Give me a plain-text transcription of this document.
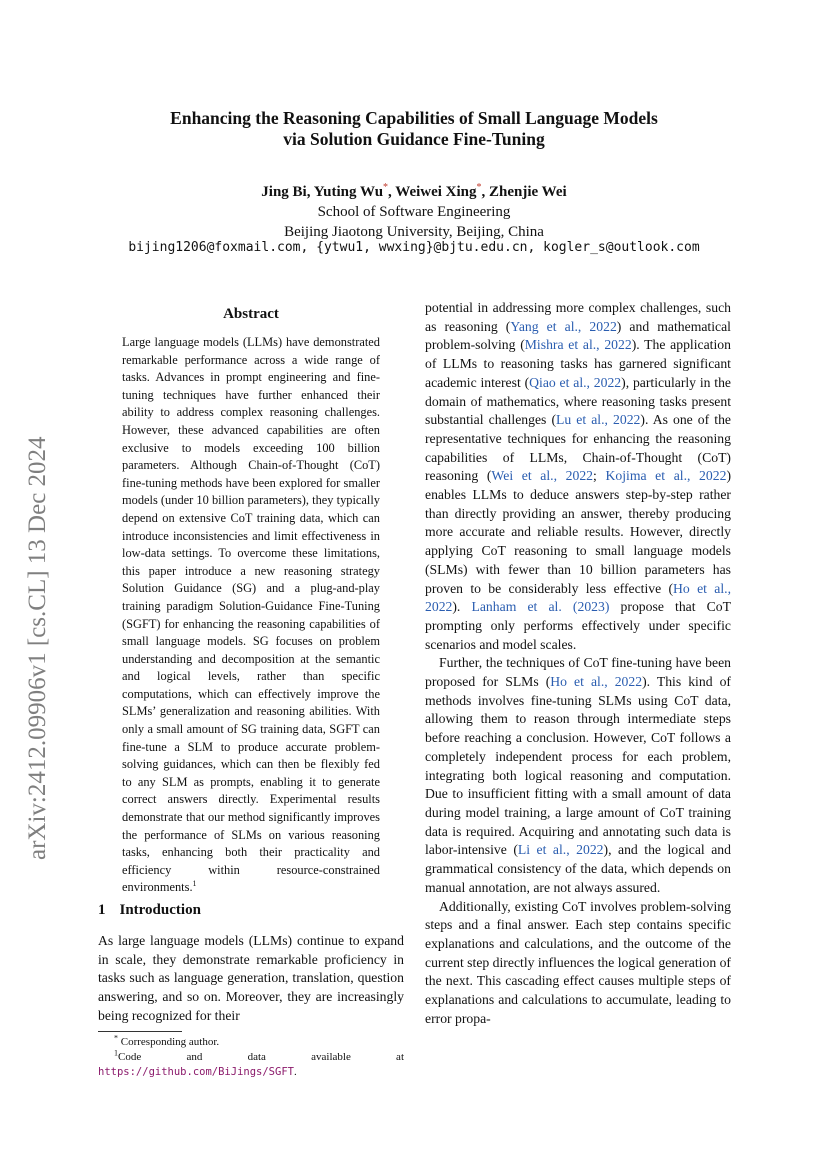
Enhancing the Reasoning Capabilities of Small Language Models
via Solution Guidance Fine-Tuning
Jing Bi, Yuting Wu*, Weiwei Xing*, Zhenjie Wei
School of Software Engineering
Beijing Jiaotong University, Beijing, China
bijing1206@foxmail.com, {ytwu1, wwxing}@bjtu.edu.cn, kogler_s@outlook.com
arXiv:2412.09906v1 [cs.CL] 13 Dec 2024
Abstract
Large language models (LLMs) have demonstrated remarkable performance across a wide range of tasks. Advances in prompt engineering and fine-tuning techniques have further enhanced their ability to address complex reasoning challenges. However, these advanced capabilities are often exclusive to models exceeding 100 billion parameters. Although Chain-of-Thought (CoT) fine-tuning methods have been explored for smaller models (under 10 billion parameters), they typically depend on extensive CoT training data, which can introduce inconsistencies and limit effectiveness in low-data settings. To overcome these limitations, this paper introduce a new reasoning strategy Solution Guidance (SG) and a plug-and-play training paradigm Solution-Guidance Fine-Tuning (SGFT) for enhancing the reasoning capabilities of small language models. SG focuses on problem understanding and decomposition at the semantic and logical levels, rather than specific computations, which can effectively improve the SLMs’ generalization and reasoning abilities. With only a small amount of SG training data, SGFT can fine-tune a SLM to produce accurate problem-solving guidances, which can then be flexibly fed to any SLM as prompts, enabling it to generate correct answers directly. Experimental results demonstrate that our method significantly improves the performance of SLMs on various reasoning tasks, enhancing both their practicality and efficiency within resource-constrained environments.$^1$
1 Introduction
As large language models (LLMs) continue to expand in scale, they demonstrate remarkable proficiency in tasks such as language generation, translation, question answering, and so on. Moreover, they are increasingly being recognized for their
* Corresponding author.
$^1$Code and data available at https://github.com/BiJings/SGFT.

potential in addressing more complex challenges, such as reasoning (Yang et al., 2022) and mathematical problem-solving (Mishra et al., 2022). The application of LLMs to reasoning tasks has garnered significant academic interest (Qiao et al., 2022), particularly in the domain of mathematics, where reasoning tasks present substantial challenges (Lu et al., 2022). As one of the representative techniques for enhancing the reasoning capabilities of LLMs, Chain-of-Thought (CoT) reasoning (Wei et al., 2022; Kojima et al., 2022) enables LLMs to deduce answers step-by-step rather than directly providing an answer, thereby producing more accurate and reliable results. However, directly applying CoT reasoning to small language models (SLMs) with fewer than 10 billion parameters has proven to be considerably less effective (Ho et al., 2022). Lanham et al. (2023) propose that CoT prompting only performs effectively under specific scenarios and model scales.

Further, the techniques of CoT fine-tuning have been proposed for SLMs (Ho et al., 2022). This kind of methods involves fine-tuning SLMs using CoT data, allowing them to reason through intermediate steps before reaching a conclusion. However, CoT follows a completely independent process for each problem, integrating both logical reasoning and computation. Due to insufficient fitting with a small amount of data during model training, a large amount of CoT training data is required. Acquiring and annotating such data is labor-intensive (Li et al., 2022), and the logical and grammatical consistency of the data, which depends on manual annotation, are not always assured.

Additionally, existing CoT involves problem-solving steps and a final answer. Each step contains specific explanations and calculations, and the outcome of the current step directly influences the logical generation of the next. This cascading effect causes multiple steps of explanations and calculations to accumulate, leading to error propa-
